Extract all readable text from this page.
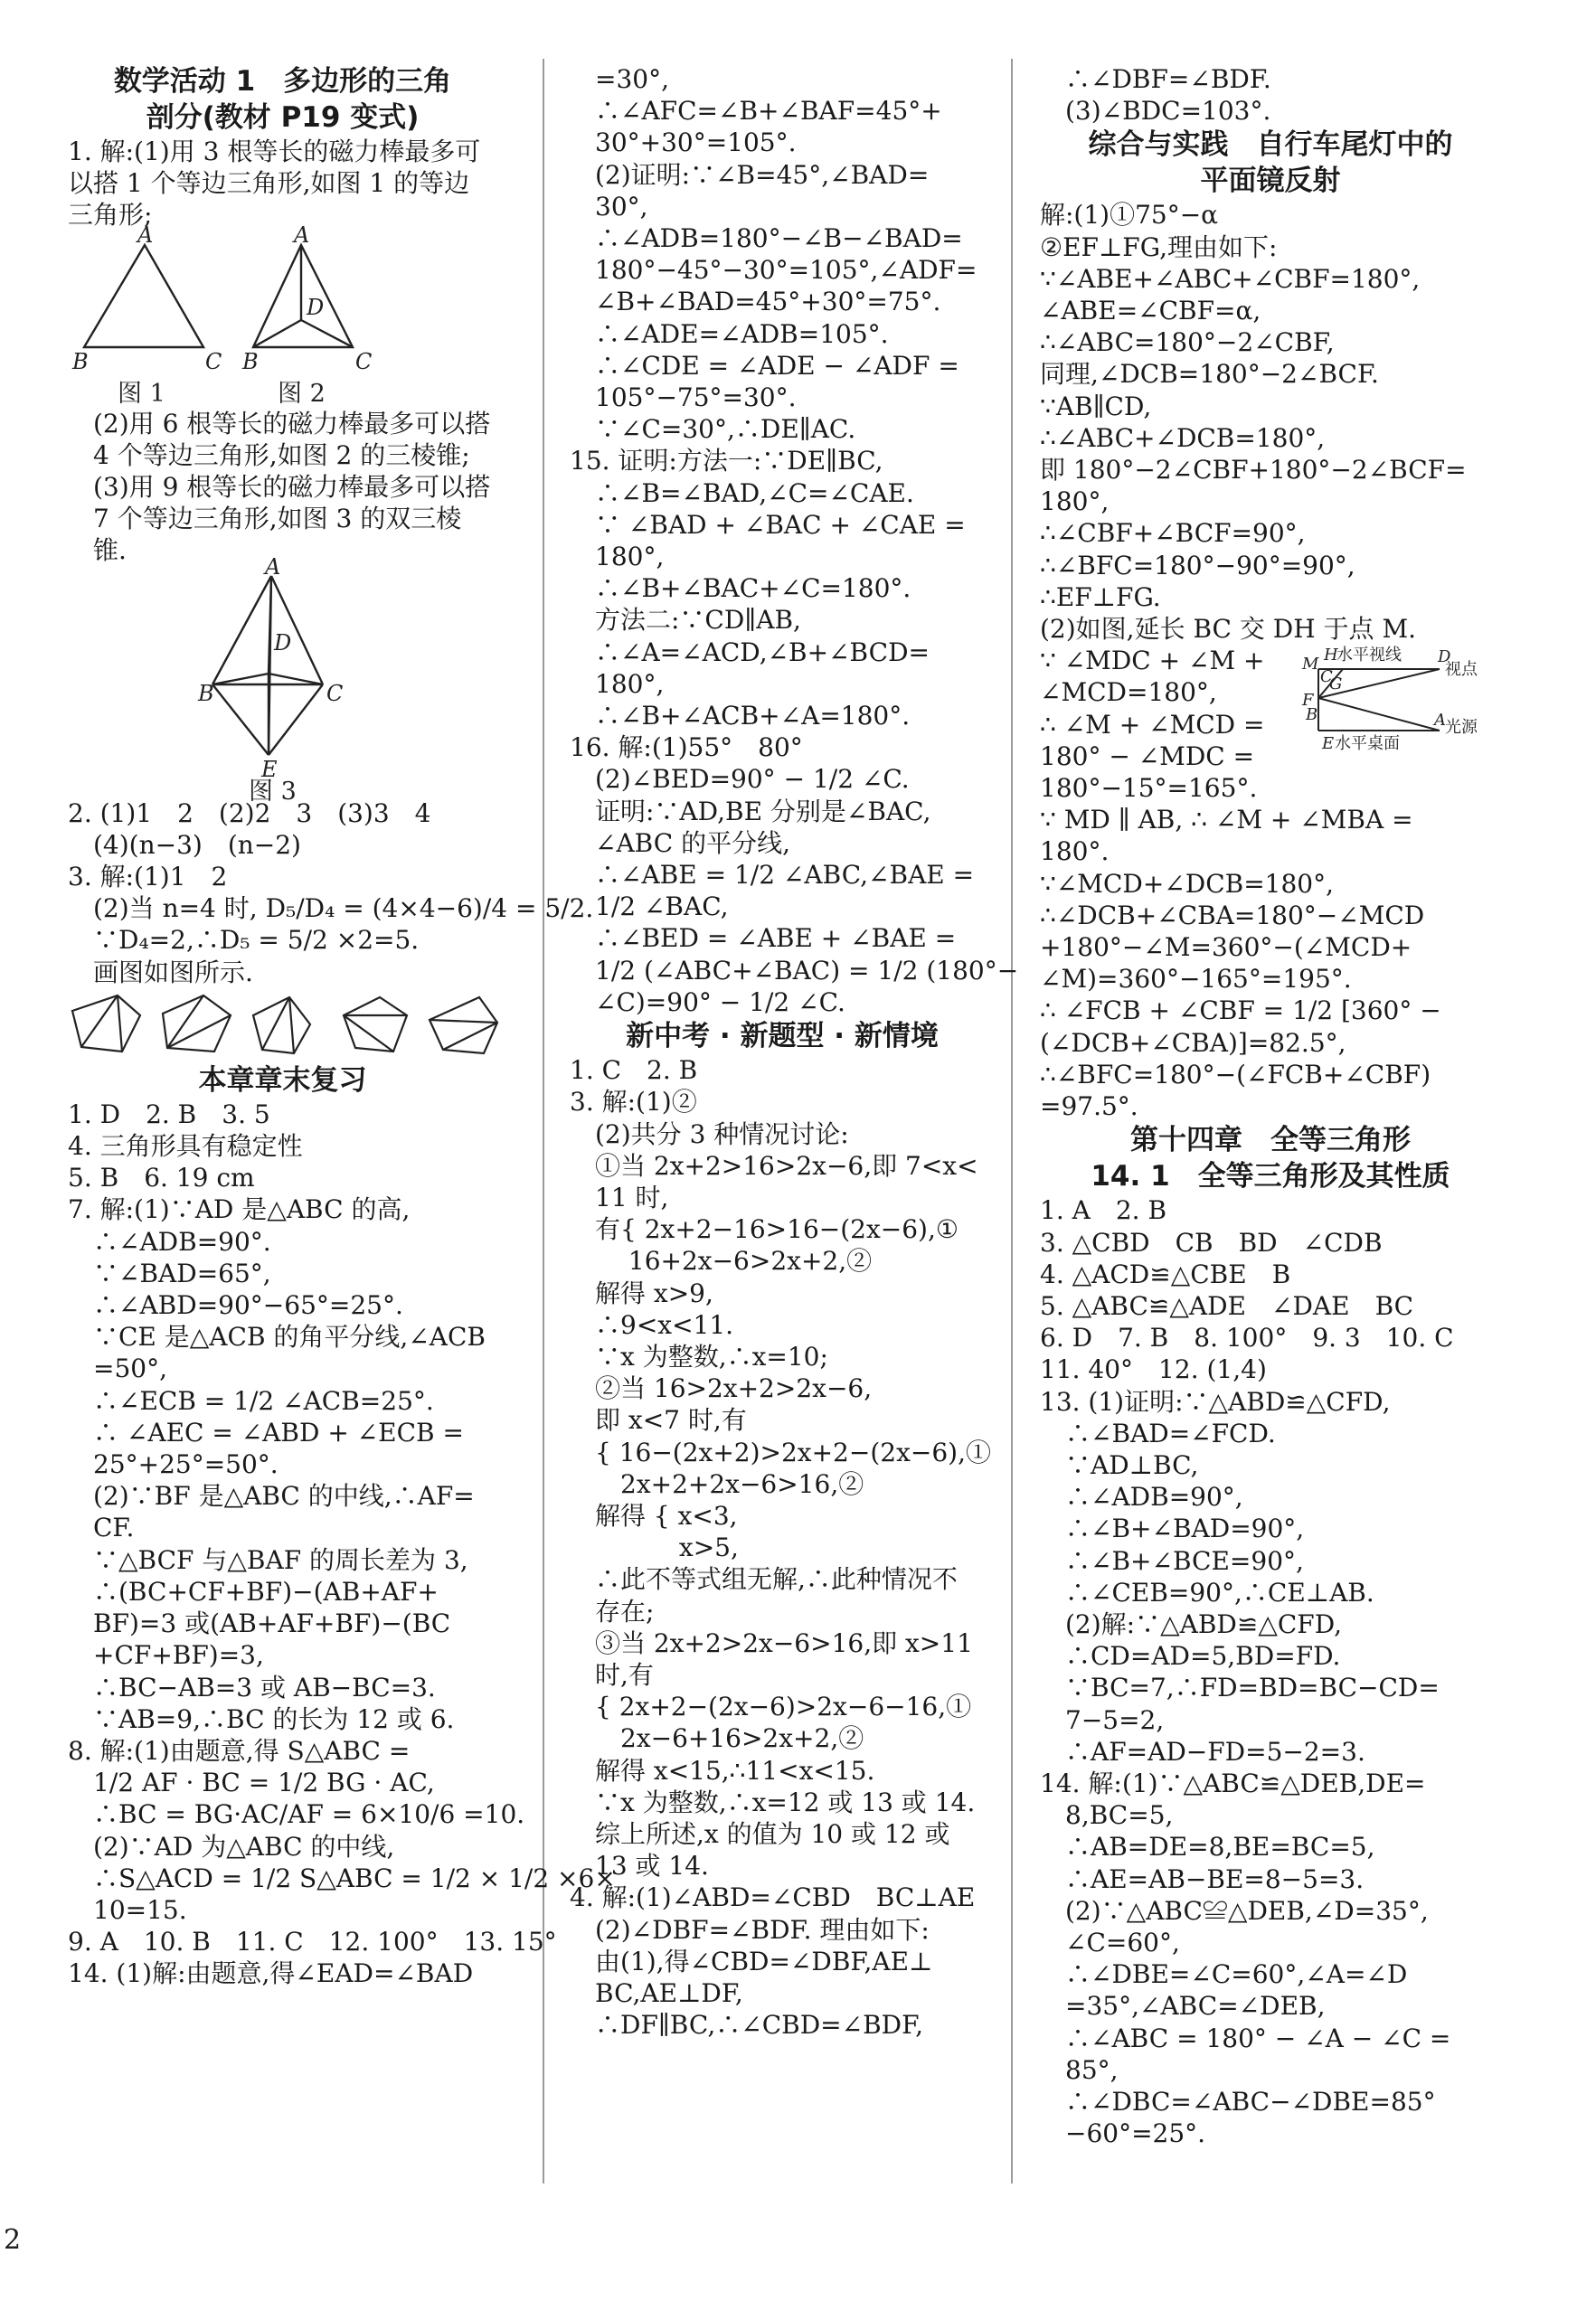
数学活动 1　多边形的三角
剖分(教材 P19 变式)
1. 解:(1)用 3 根等长的磁力棒最多可
以搭 1 个等边三角形,如图 1 的等边
三角形;
A
B	C
A
B	C
D
图 1	图 2
　(2)用 6 根等长的磁力棒最多可以搭
　4 个等边三角形,如图 2 的三棱锥;
　(3)用 9 根等长的磁力棒最多可以搭
　7 个等边三角形,如图 3 的双三棱
　锥.
A
B	C
D
E
图 3
2. (1)1　2　(2)2　3　(3)3　4
　(4)(n−3)　(n−2)
3. 解:(1)1　2
　(2)当 n=4 时, D₅/D₄ = (4×4−6)/4 = 5/2.
　∵D₄=2,∴D₅ = 5/2 ×2=5.
　画图如图所示.
本章章末复习
1. D　2. B　3. 5
4. 三角形具有稳定性
5. B　6. 19 cm
7. 解:(1)∵AD 是△ABC 的高,
　∴∠ADB=90°.
　∵∠BAD=65°,
　∴∠ABD=90°−65°=25°.
　∵CE 是△ACB 的角平分线,∠ACB
　=50°,
　∴∠ECB = 1/2 ∠ACB=25°.
　∴ ∠AEC = ∠ABD + ∠ECB =
　25°+25°=50°.
　(2)∵BF 是△ABC 的中线,∴AF=
　CF.
　∵△BCF 与△BAF 的周长差为 3,
　∴(BC+CF+BF)−(AB+AF+
　BF)=3 或(AB+AF+BF)−(BC
　+CF+BF)=3,
　∴BC−AB=3 或 AB−BC=3.
　∵AB=9,∴BC 的长为 12 或 6.
8. 解:(1)由题意,得 S△ABC =
　1/2 AF · BC = 1/2 BG · AC,
　∴BC = BG·AC/AF = 6×10/6 =10.
　(2)∵AD 为△ABC 的中线,
　∴S△ACD = 1/2 S△ABC = 1/2 × 1/2 ×6×
　10=15.
9. A　10. B　11. C　12. 100°　13. 15°
14. (1)解:由题意,得∠EAD=∠BAD
　=30°,
　∴∠AFC=∠B+∠BAF=45°+
　30°+30°=105°.
　(2)证明:∵∠B=45°,∠BAD=
　30°,
　∴∠ADB=180°−∠B−∠BAD=
　180°−45°−30°=105°,∠ADF=
　∠B+∠BAD=45°+30°=75°.
　∴∠ADE=∠ADB=105°.
　∴∠CDE = ∠ADE − ∠ADF =
　105°−75°=30°.
　∵∠C=30°,∴DE∥AC.
15. 证明:方法一:∵DE∥BC,
　∴∠B=∠BAD,∠C=∠CAE.
　∵ ∠BAD + ∠BAC + ∠CAE =
　180°,
　∴∠B+∠BAC+∠C=180°.
　方法二:∵CD∥AB,
　∴∠A=∠ACD,∠B+∠BCD=
　180°,
　∴∠B+∠ACB+∠A=180°.
16. 解:(1)55°　80°
　(2)∠BED=90° − 1/2 ∠C.
　证明:∵AD,BE 分别是∠BAC,
　∠ABC 的平分线,
　∴∠ABE = 1/2 ∠ABC,∠BAE =
　1/2 ∠BAC,
　∴∠BED = ∠ABE + ∠BAE =
　1/2 (∠ABC+∠BAC) = 1/2 (180°−
　∠C)=90° − 1/2 ∠C.
新中考 · 新题型 · 新情境
1. C　2. B
3. 解:(1)②
　(2)共分 3 种情况讨论:
　①当 2x+2>16>2x−6,即 7<x<
　11 时,
　有{ 2x+2−16>16−(2x−6),①
　　 16+2x−6>2x+2,②
　解得 x>9,
　∴9<x<11.
　∵x 为整数,∴x=10;
　②当 16>2x+2>2x−6,
　即 x<7 时,有
　{ 16−(2x+2)>2x+2−(2x−6),①
　　2x+2+2x−6>16,②
　解得 { x<3,
　　　　 x>5,
　∴此不等式组无解,∴此种情况不
　存在;
　③当 2x+2>2x−6>16,即 x>11
　时,有
　{ 2x+2−(2x−6)>2x−6−16,①
　　2x−6+16>2x+2,②
　解得 x<15,∴11<x<15.
　∵x 为整数,∴x=12 或 13 或 14.
　综上所述,x 的值为 10 或 12 或
　13 或 14.
4. 解:(1)∠ABD=∠CBD　BC⊥AE
　(2)∠DBF=∠BDF. 理由如下:
　由(1),得∠CBD=∠DBF,AE⊥
　BC,AE⊥DF,
　∴DF∥BC,∴∠CBD=∠BDF,
　∴∠DBF=∠BDF.
　(3)∠BDC=103°.
综合与实践　自行车尾灯中的
平面镜反射
解:(1)①75°−α
②EF⊥FG,理由如下:
∵∠ABE+∠ABC+∠CBF=180°,
∠ABE=∠CBF=α,
∴∠ABC=180°−2∠CBF,
同理,∠DCB=180°−2∠BCF.
∵AB∥CD,
∴∠ABC+∠DCB=180°,
即 180°−2∠CBF+180°−2∠BCF=
180°,
∴∠CBF+∠BCF=90°,
∴∠BFC=180°−90°=90°,
∴EF⊥FG.
(2)如图,延长 BC 交 DH 于点 M.
∵ ∠MDC + ∠M +
∠MCD=180°,
∴ ∠M + ∠MCD =
180° − ∠MDC =
180°−15°=165°.
∵ MD ∥ AB, ∴ ∠M + ∠MBA =
180°.
∵∠MCD+∠DCB=180°,
∴∠DCB+∠CBA=180°−∠MCD
+180°−∠M=360°−(∠MCD+
∠M)=360°−165°=195°.
∴ ∠FCB + ∠CBF = 1/2 [360° −
(∠DCB+∠CBA)]=82.5°,
∴∠BFC=180°−(∠FCB+∠CBF)
=97.5°.
第十四章　全等三角形
14. 1　全等三角形及其性质
1. A　2. B
3. △CBD　CB　BD　∠CDB
4. △ACD≌△CBE　B
5. △ABC≌△ADE　∠DAE　BC
6. D　7. B　8. 100°　9. 3　10. C
11. 40°　12. (1,4)
13. (1)证明:∵△ABD≌△CFD,
　∴∠BAD=∠FCD.
　∵AD⊥BC,
　∴∠ADB=90°,
　∴∠B+∠BAD=90°,
　∴∠B+∠BCE=90°,
　∴∠CEB=90°,∴CE⊥AB.
　(2)解:∵△ABD≌△CFD,
　∴CD=AD=5,BD=FD.
　∵BC=7,∴FD=BD=BC−CD=
　7−5=2,
　∴AF=AD−FD=5−2=3.
14. 解:(1)∵△ABC≌△DEB,DE=
　8,BC=5,
　∴AB=DE=8,BE=BC=5,
　∴AE=AB−BE=8−5=3.
　(2)∵△ABC≌△DEB,∠D=35°,
　∠C=60°,
　∴∠DBE=∠C=60°,∠A=∠D
　=35°,∠ABC=∠DEB,
　∴∠ABC = 180° − ∠A − ∠C =
　85°,
　∴∠DBC=∠ABC−∠DBE=85°
　−60°=25°.
2
H
水平视线
视点
M
G
C
F
D
B
光源
A
E 水平桌面
